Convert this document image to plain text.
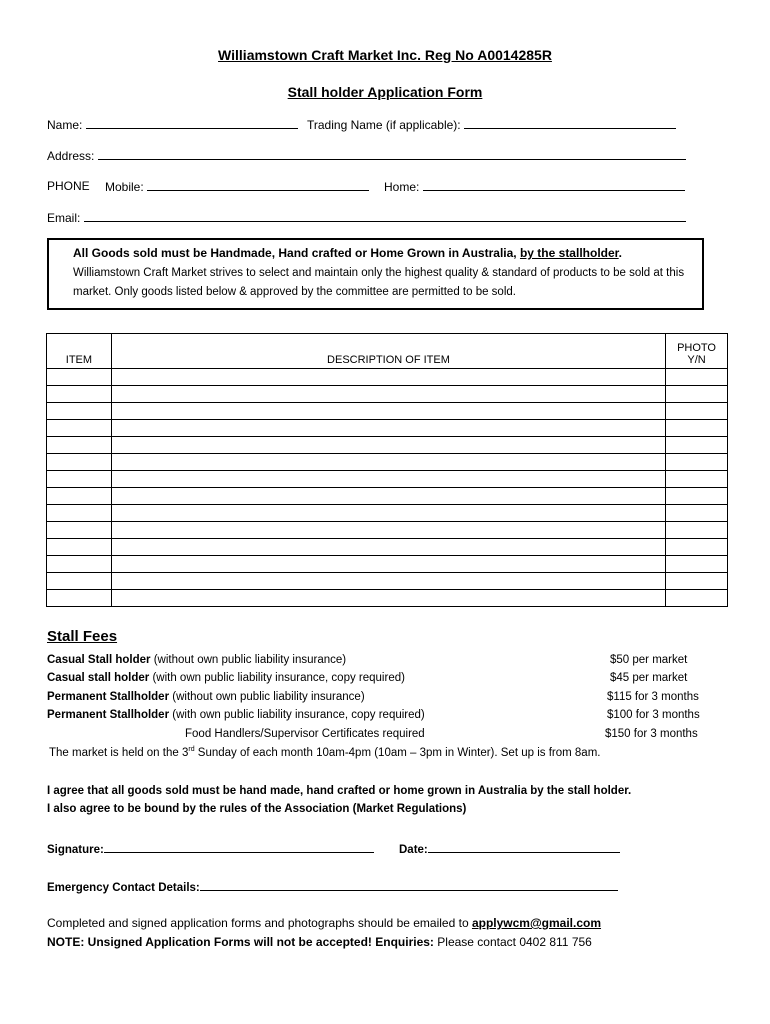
Williamstown Craft Market Inc. Reg No A0014285R
Stall holder Application Form
Name:	Trading Name (if applicable):
Address:
PHONE Mobile:	Home:
Email:
All Goods sold must be Handmade, Hand crafted or Home Grown in Australia, by the stallholder.
Williamstown Craft Market strives to select and maintain only the highest quality & standard of products to be sold at this market. Only goods listed below & approved by the committee are permitted to be sold.
ITEM	DESCRIPTION OF ITEM	PHOTO
Y/N

Stall Fees
Casual Stall holder (without own public liability insurance)	$50 per market
Casual stall holder (with own public liability insurance, copy required)	$45 per market
Permanent Stallholder (without own public liability insurance)	$115 for 3 months
Permanent Stallholder (with own public liability insurance, copy required)	$100 for 3 months
Food Handlers/Supervisor Certificates required	$150 for 3 months
The market is held on the 3rd Sunday of each month 10am-4pm (10am – 3pm in Winter). Set up is from 8am.
I agree that all goods sold must be hand made, hand crafted or home grown in Australia by the stall holder.
I also agree to be bound by the rules of the Association (Market Regulations)
Signature:	Date:
Emergency Contact Details:
Completed and signed application forms and photographs should be emailed to applywcm@gmail.com
NOTE: Unsigned Application Forms will not be accepted! Enquiries: Please contact 0402 811 756
